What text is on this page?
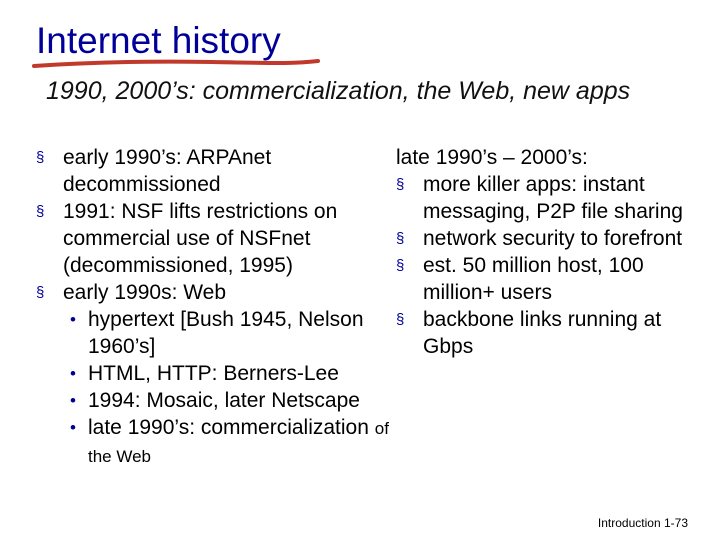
Internet history
1990, 2000’s: commercialization, the Web, new apps
§ early 1990’s: ARPAnet decommissioned
§ 1991: NSF lifts restrictions on commercial use of NSFnet (decommissioned, 1995)
§ early 1990s: Web
• hypertext [Bush 1945, Nelson 1960’s]
• HTML, HTTP: Berners-Lee
• 1994: Mosaic, later Netscape
• late 1990’s: commercialization of the Web
late 1990’s – 2000’s:
§ more killer apps: instant messaging, P2P file sharing
§ network security to forefront
§ est. 50 million host, 100 million+ users
§ backbone links running at Gbps
Introduction 1-73
